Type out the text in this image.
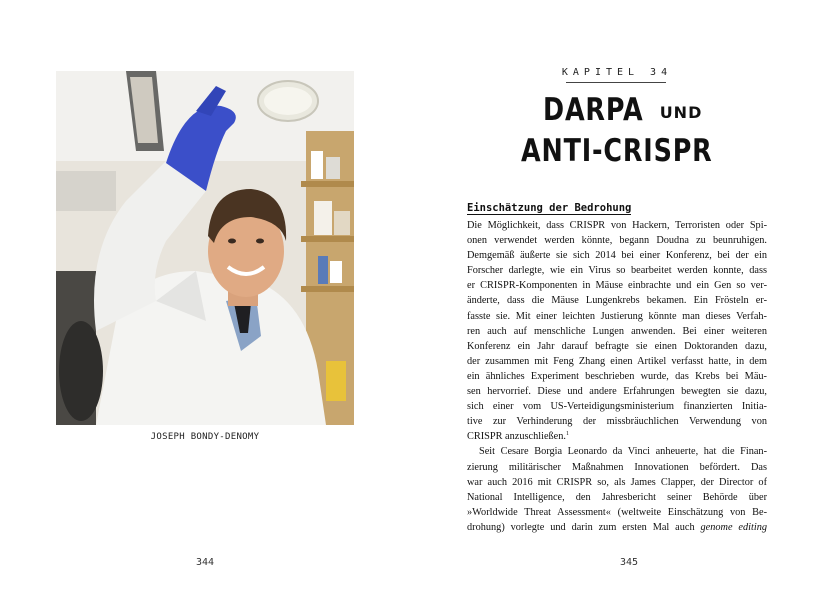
JOSEPH BONDY-DENOMY
344
KAPITEL 34
DARPA UND
ANTI-CRISPR
Einschätzung der Bedrohung
Die Möglichkeit, dass CRISPR von Hackern, Terroristen oder Spi-
onen verwendet werden könnte, begann Doudna zu beunruhigen.
Demgemäß äußerte sie sich 2014 bei einer Konferenz, bei der ein
Forscher darlegte, wie ein Virus so bearbeitet werden konnte, dass
er CRISPR-Komponenten in Mäuse einbrachte und ein Gen so ver-
änderte, dass die Mäuse Lungenkrebs bekamen. Ein Frösteln er-
fasste sie. Mit einer leichten Justierung könnte man dieses Verfah-
ren auch auf menschliche Lungen anwenden. Bei einer weiteren
Konferenz ein Jahr darauf befragte sie einen Doktoranden dazu,
der zusammen mit Feng Zhang einen Artikel verfasst hatte, in dem
ein ähnliches Experiment beschrieben wurde, das Krebs bei Mäu-
sen hervorrief. Diese und andere Erfahrungen bewegten sie dazu,
sich einer vom US-Verteidigungsministerium finanzierten Initia-
tive zur Verhinderung der missbräuchlichen Verwendung von
CRISPR anzuschließen.$^1$
Seit Cesare Borgia Leonardo da Vinci anheuerte, hat die Finan-
zierung militärischer Maßnahmen Innovationen befördert. Das
war auch 2016 mit CRISPR so, als James Clapper, der Director of
National Intelligence, den Jahresbericht seiner Behörde über
»Worldwide Threat Assessment« (weltweite Einschätzung von Be-
drohung) vorlegte und darin zum ersten Mal auch genome editing
345
